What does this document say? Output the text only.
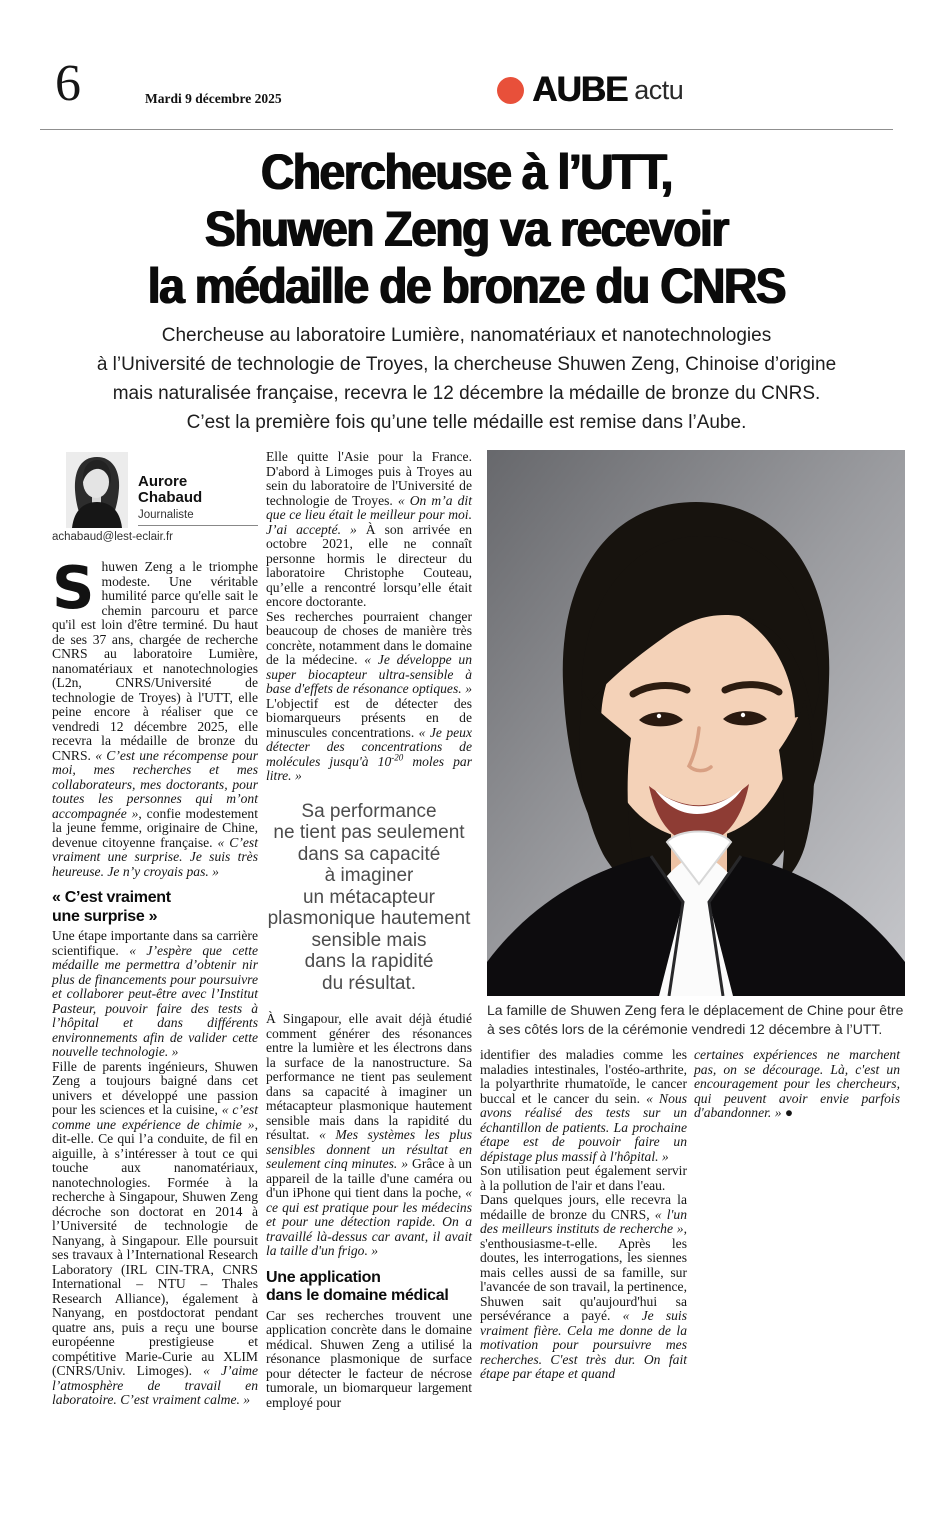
6	Mardi 9 décembre 2025	AUBE actu
Chercheuse à l’UTT,
Shuwen Zeng va recevoir
la médaille de bronze du CNRS

Chercheuse au laboratoire Lumière, nanomatériaux et nanotechnologies
à l’Université de technologie de Troyes, la chercheuse Shuwen Zeng, Chinoise d’origine
mais naturalisée française, recevra le 12 décembre la médaille de bronze du CNRS.
C’est la première fois qu’une telle médaille est remise dans l’Aube.

Aurore
Chabaud
Journaliste
achabaud@lest-eclair.fr

Shuwen Zeng a le triomphe modeste. Une véritable humilité parce qu'elle sait le chemin parcouru et parce qu'il est loin d'être terminé. Du haut de ses 37 ans, chargée de recherche CNRS au laboratoire Lumière, nanomatériaux et nanotechnologies (L2n, CNRS/Université de technologie de Troyes) à l'UTT, elle peine encore à réaliser que ce vendredi 12 décembre 2025, elle recevra la médaille de bronze du CNRS. « C’est une récompense pour moi, mes recherches et mes collaborateurs, mes doctorants, pour toutes les personnes qui m’ont accompagnée », confie modestement la jeune femme, originaire de Chine, devenue citoyenne française. « C’est vraiment une surprise. Je suis très heureuse. Je n’y croyais pas. »

« C’est vraiment
une surprise »

Une étape importante dans sa carrière scientifique. « J’espère que cette médaille me permettra d’obtenir nir plus de financements pour poursuivre et collaborer peut-être avec l’Institut Pasteur, pouvoir faire des tests à l’hôpital et dans différents environnements afin de valider cette nouvelle technologie. »

Fille de parents ingénieurs, Shuwen Zeng a toujours baigné dans cet univers et développé une passion pour les sciences et la cuisine, « c’est comme une expérience de chimie », dit-elle. Ce qui l’a conduite, de fil en aiguille, à s’intéresser à tout ce qui touche aux nanomatériaux, nanotechnologies. Formée à la recherche à Singapour, Shuwen Zeng décroche son doctorat en 2014 à l’Université de technologie de Nanyang, à Singapour. Elle poursuit ses travaux à l’International Research Laboratory (IRL CIN-TRA, CNRS International – NTU – Thales Research Alliance), également à Nanyang, en postdoctorat pendant quatre ans, puis a reçu une bourse européenne prestigieuse et compétitive Marie-Curie au XLIM (CNRS/Univ. Limoges). « J’aime l’atmosphère de travail en laboratoire. C’est vraiment calme. »

Elle quitte l'Asie pour la France. D'abord à Limoges puis à Troyes au sein du laboratoire de l'Université de technologie de Troyes. « On m’a dit que ce lieu était le meilleur pour moi. J’ai accepté. » À son arrivée en octobre 2021, elle ne connaît personne hormis le directeur du laboratoire Christophe Couteau, qu’elle a rencontré lorsqu’elle était encore doctorante.

Ses recherches pourraient changer beaucoup de choses de manière très concrète, notamment dans le domaine de la médecine. « Je développe un super biocapteur ultra-sensible à base d'effets de résonance optiques. » L'objectif est de détecter des biomarqueurs présents en de minuscules concentrations. « Je peux détecter des concentrations de molécules jusqu'à $10^{-20}$ moles par litre. »

Sa performance
ne tient pas seulement
dans sa capacité
à imaginer
un métacapteur
plasmonique hautement
sensible mais
dans la rapidité
du résultat.

À Singapour, elle avait déjà étudié comment générer des résonances entre la lumière et les électrons dans la surface de la nanostructure. Sa performance ne tient pas seulement dans sa capacité à imaginer un métacapteur plasmonique hautement sensible mais dans la rapidité du résultat. « Mes systèmes les plus sensibles donnent un résultat en seulement cinq minutes. » Grâce à un appareil de la taille d'une caméra ou d'un iPhone qui tient dans la poche, « ce qui est pratique pour les médecins et pour une détection rapide. On a travaillé là-dessus car avant, il avait la taille d'un frigo. »

Une application
dans le domaine médical

Car ses recherches trouvent une application concrète dans le domaine médical. Shuwen Zeng a utilisé la résonance plasmonique de surface pour détecter le facteur de nécrose tumorale, un biomarqueur largement employé pour

La famille de Shuwen Zeng fera le déplacement de Chine pour être à ses côtés lors de la cérémonie vendredi 12 décembre à l’UTT.

identifier des maladies comme les maladies intestinales, l'ostéo-arthrite, la polyarthrite rhumatoïde, le cancer buccal et le cancer du sein. « Nous avons réalisé des tests sur un échantillon de patients. La prochaine étape est de pouvoir faire un dépistage plus massif à l'hôpital. »

Son utilisation peut également servir à la pollution de l'air et dans l'eau.

Dans quelques jours, elle recevra la médaille de bronze du CNRS, « l'un des meilleurs instituts de recherche », s'enthousiasme-t-elle. Après les doutes, les interrogations, les siennes mais celles aussi de sa famille, sur l'avancée de son travail, la pertinence, Shuwen sait qu'aujourd'hui sa persévérance a payé. « Je suis vraiment fière. Cela me donne de la motivation pour poursuivre mes recherches. C'est très dur. On fait étape par étape et quand

certaines expériences ne marchent pas, on se décourage. Là, c'est un encouragement pour les chercheurs, qui peuvent avoir envie parfois d'abandonner. » ●
